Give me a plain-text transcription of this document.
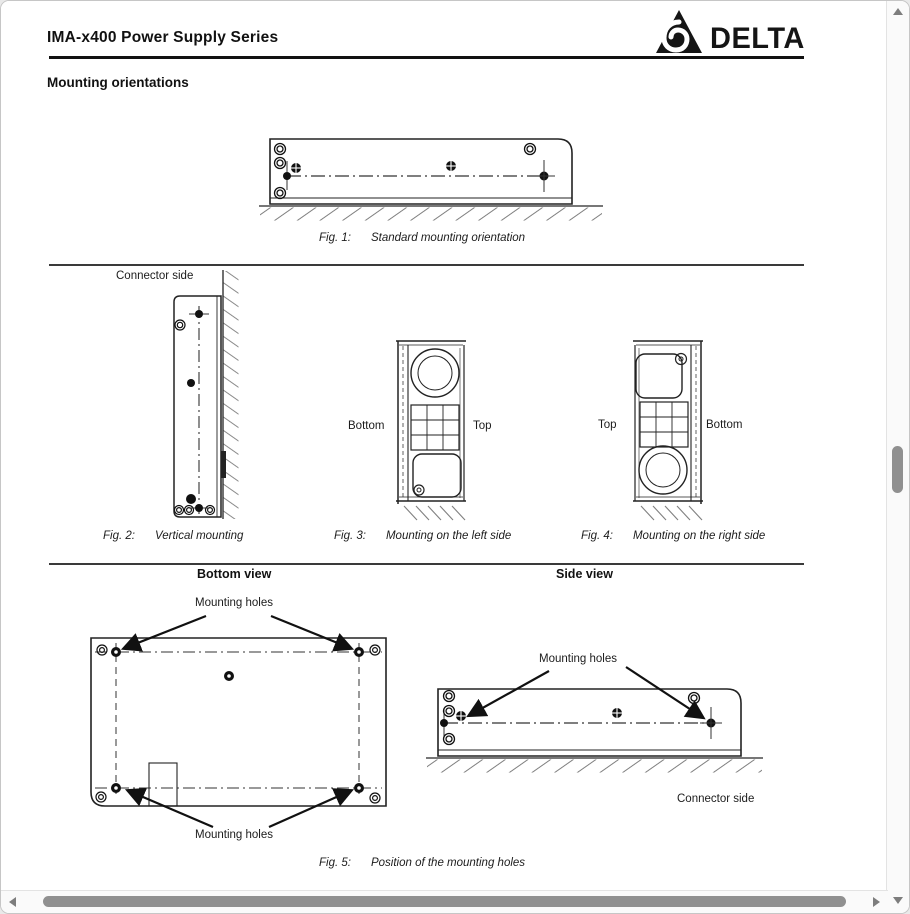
IMA-x400 Power Supply Series	DELTA
Mounting orientations
Fig. 1: Standard mounting orientation
Connector side
Fig. 2: Vertical mounting
Bottom	Top
Fig. 3: Mounting on the left side
Top	Bottom
Fig. 4: Mounting on the right side
Bottom view	Side view
Mounting holes
Mounting holes
Mounting holes
Connector side
Fig. 5: Position of the mounting holes
